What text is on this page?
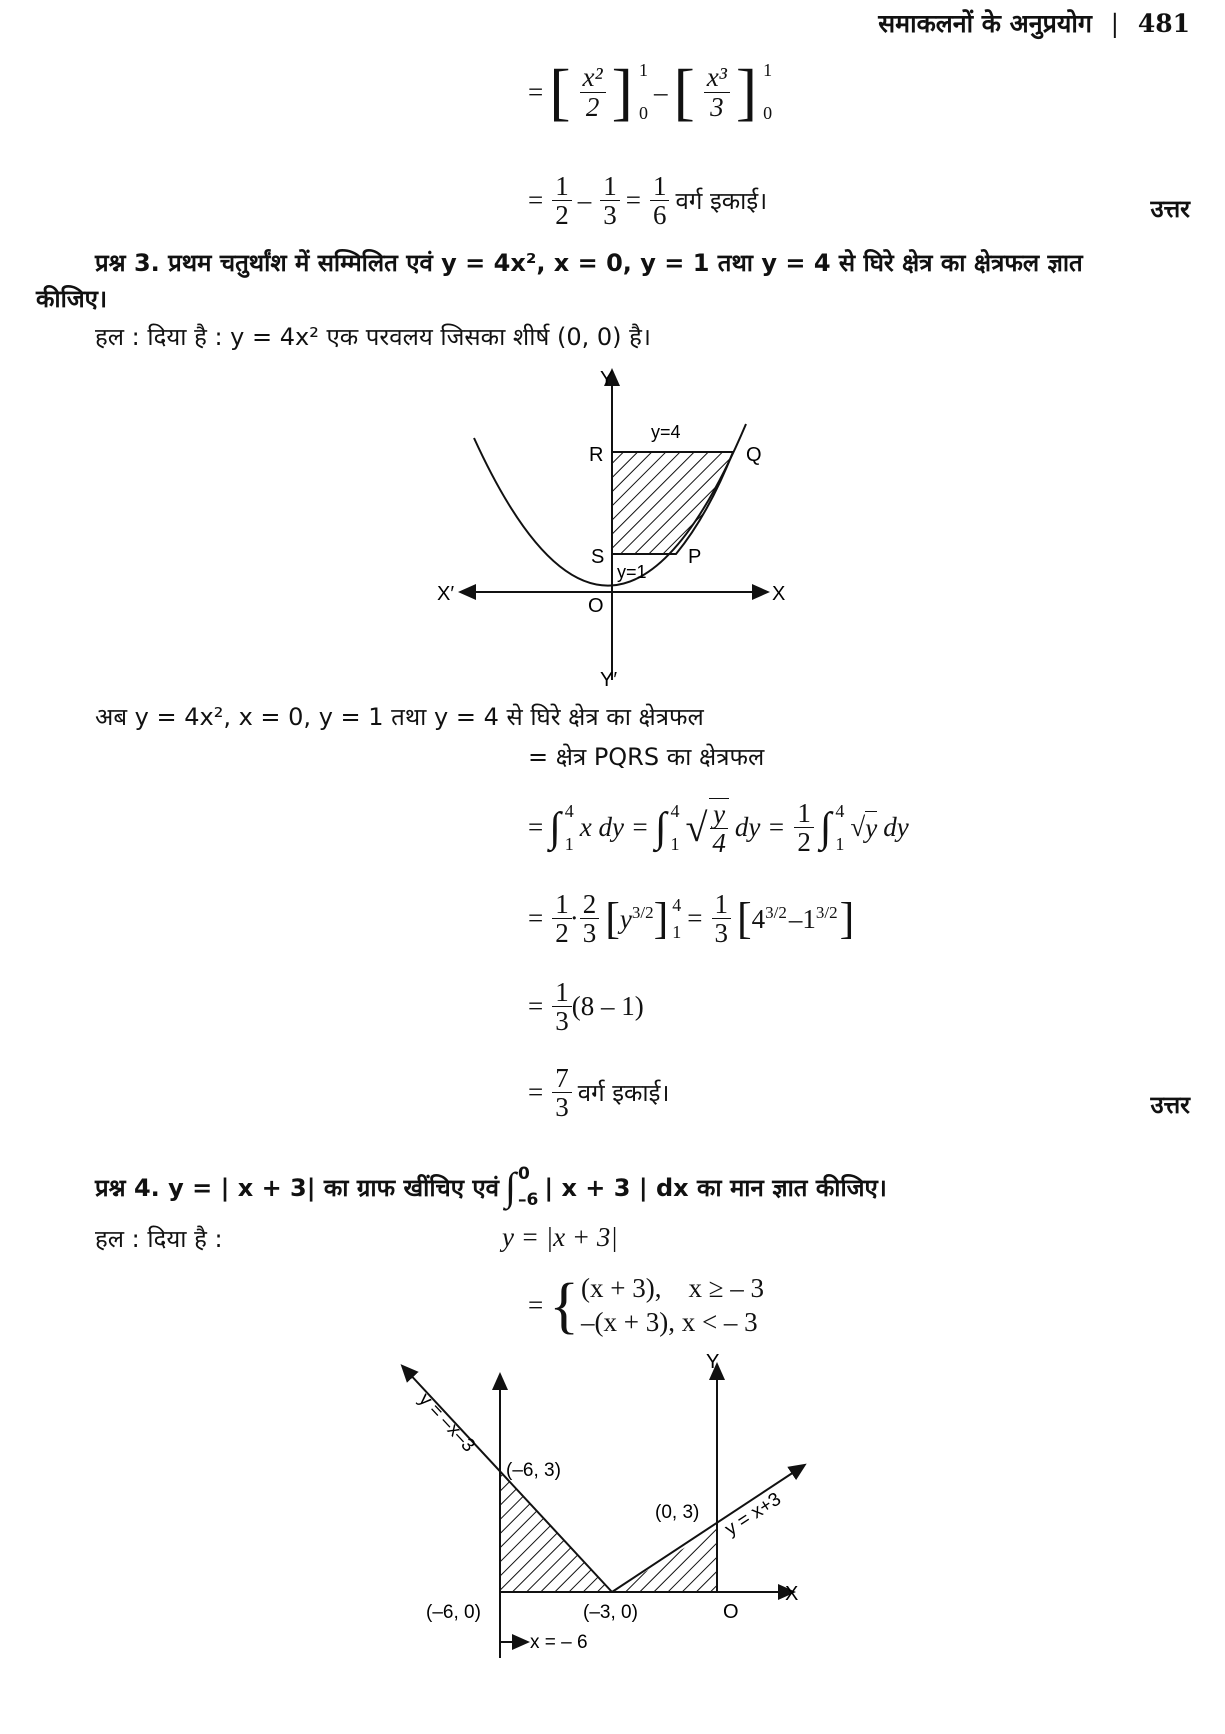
समाकलनों के अनुप्रयोग | 481
= [ $\frac{\text{x²}}{2}$ ] 1
0
– [ $\frac{\text{x³}}{3}$ ] 1
0
= $\frac{1}{2} - \frac{1}{3} = \frac{1}{6}$ वर्ग इकाई।	उत्तर
प्रश्न 3. प्रथम चतुर्थांश में सम्मिलित एवं y = 4x², x = 0, y = 1 तथा y = 4 से घिरे क्षेत्र का क्षेत्रफल ज्ञात
कीजिए।
हल : दिया है : y = 4x² एक परवलय जिसका शीर्ष (0, 0) है।
Y
Y′
X
X′
O
R	Q
S	P
y=4
y=1
अब y = 4x², x = 0, y = 1 तथा y = 4 से घिरे क्षेत्र का क्षेत्रफल
= क्षेत्र PQRS का क्षेत्रफल
= ∫ 4
1
x dy = ∫ 4
1 √ $\frac{y}{4}$ dy = $\frac{1}{2}$ ∫ 4
1
√ y dy
= $\frac{1}{2}$
· $\frac{2}{3}$ [ $y^{3/2}$ ] 4
$1 = \frac{1}{3}$ [ $4^{3/2}$ $-1^{3/2}$ ]
= $\frac{1}{3} (8 - 1)$
= $\frac{7}{3}$ वर्ग इकाई।	उत्तर
प्रश्न 4. y = | x + 3| का ग्राफ खींचिए एवं ∫ 0
–6 | x + 3 | dx का मान ज्ञात कीजिए।
हल : दिया है :	y = |x + 3|
= { (x + 3),    x ≥ – 3
–(x + 3), x < – 3
Y
X
O
(–6, 3)
(0, 3)
(–6, 0)	(–3, 0)
x = – 6
y = –x–3
y = x+3
